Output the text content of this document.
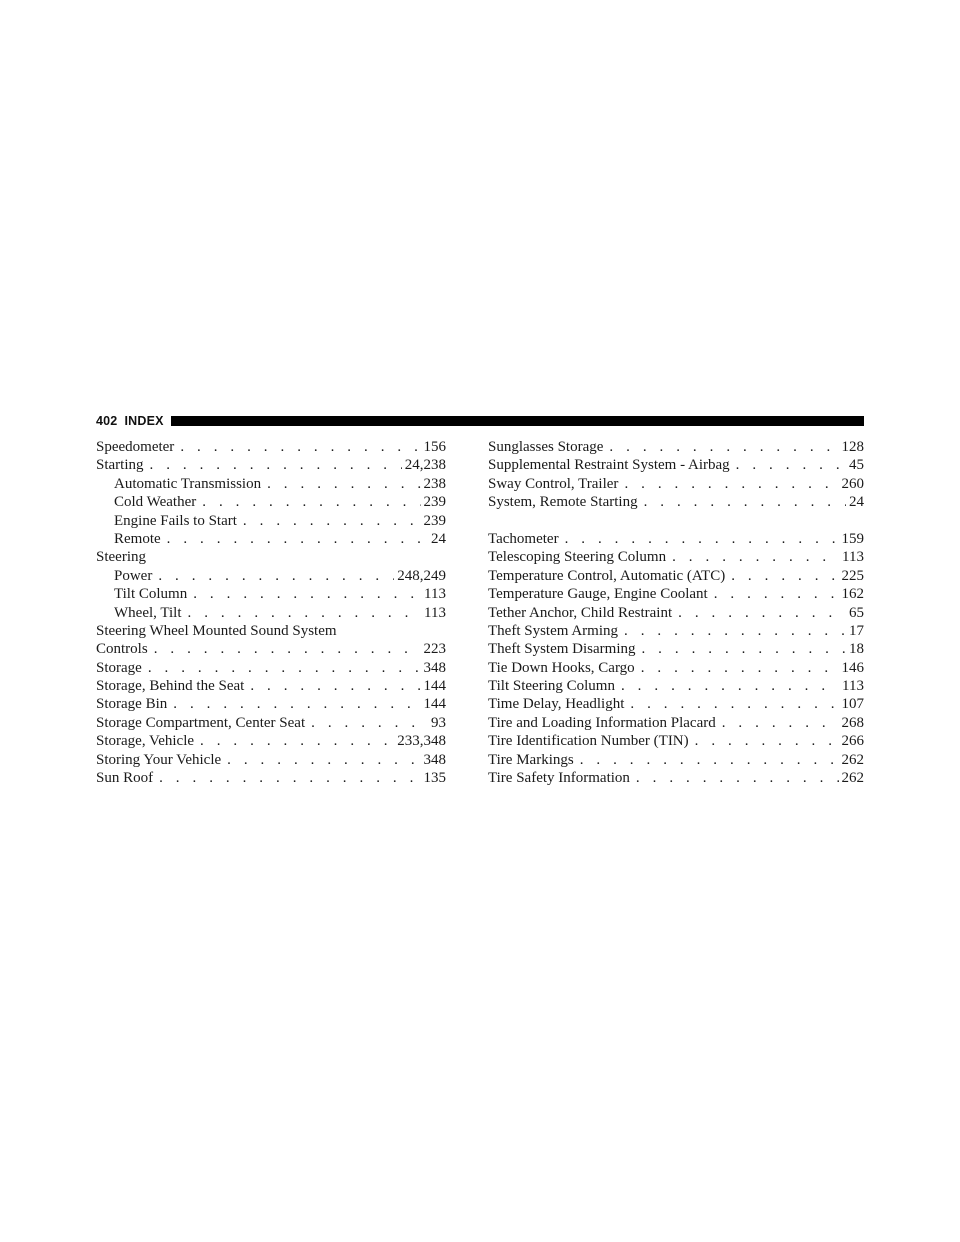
402 INDEX
Speedometer . . .	156
Starting . . .	24,238
Automatic Transmission . . .	238
Cold Weather . . .	239
Engine Fails to Start . . .	239
Remote . . .	24
Steering
Power . . .	248,249
Tilt Column . . .	113
Wheel, Tilt . . .	113
Steering Wheel Mounted Sound System
Controls . . .	223
Storage . . .	348
Storage, Behind the Seat . . .	144
Storage Bin . . .	144
Storage Compartment, Center Seat . . .	93
Storage, Vehicle . . .	233,348
Storing Your Vehicle . . .	348
Sun Roof . . .	135
Sunglasses Storage . . .	128
Supplemental Restraint System - Airbag . . .	45
Sway Control, Trailer . . .	260
System, Remote Starting . . .	24
Tachometer . . .	159
Telescoping Steering Column . . .	113
Temperature Control, Automatic (ATC) . . .	225
Temperature Gauge, Engine Coolant . . .	162
Tether Anchor, Child Restraint . . .	65
Theft System Arming . . .	17
Theft System Disarming . . .	18
Tie Down Hooks, Cargo . . .	146
Tilt Steering Column . . .	113
Time Delay, Headlight . . .	107
Tire and Loading Information Placard . . .	268
Tire Identification Number (TIN) . . .	266
Tire Markings . . .	262
Tire Safety Information . . .	262
